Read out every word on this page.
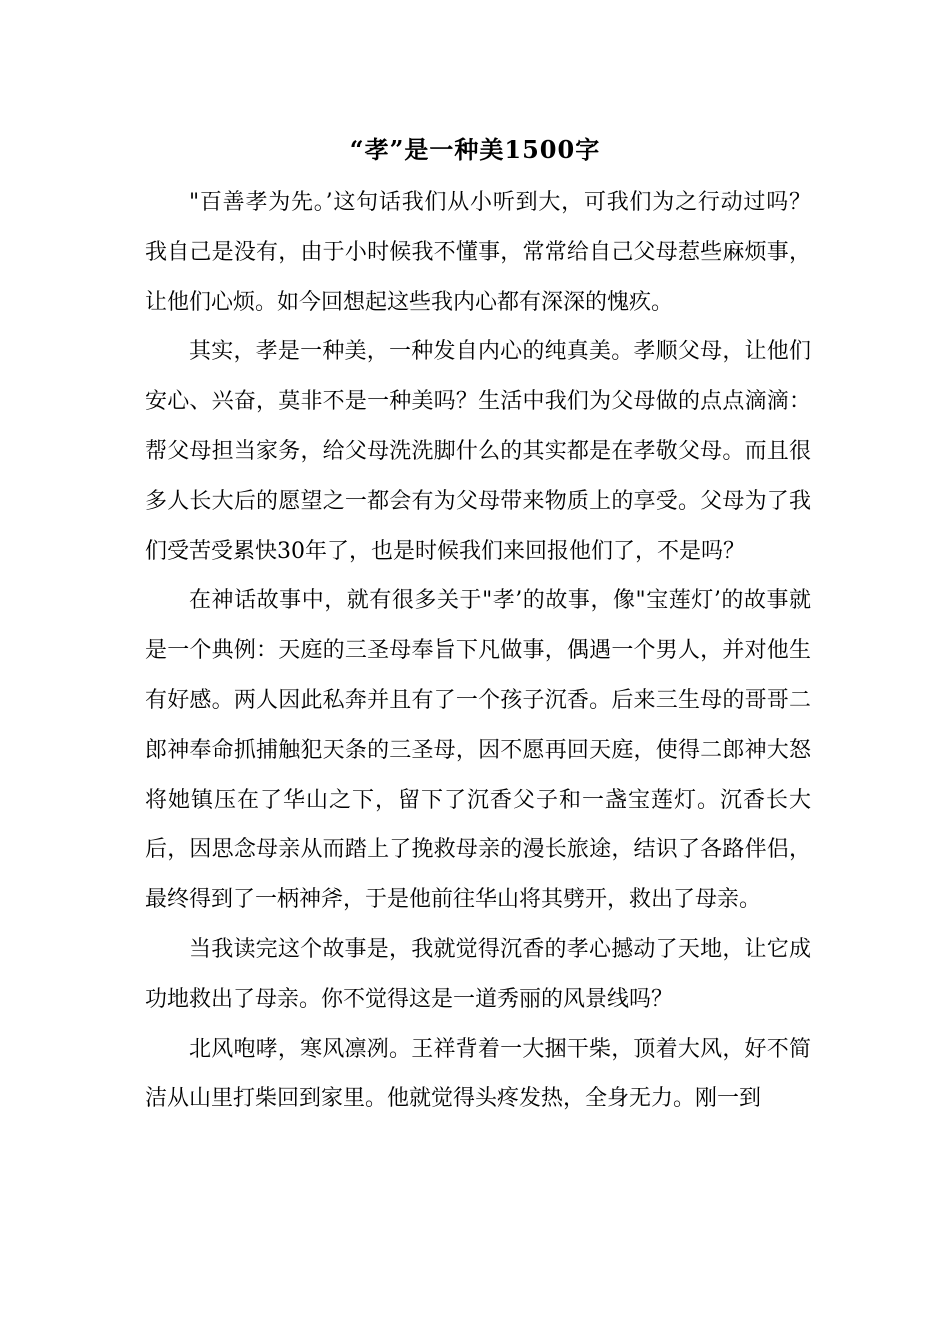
“孝”是一种美1500字

"百善孝为先。’这句话我们从小听到大，可我们为之行动过吗？我自己是没有，由于小时候我不懂事，常常给自己父母惹些麻烦事，让他们心烦。如今回想起这些我内心都有深深的愧疚。

其实，孝是一种美，一种发自内心的纯真美。孝顺父母，让他们安心、兴奋，莫非不是一种美吗？生活中我们为父母做的点点滴滴：帮父母担当家务，给父母洗洗脚什么的其实都是在孝敬父母。而且很多人长大后的愿望之一都会有为父母带来物质上的享受。父母为了我们受苦受累快30年了，也是时候我们来回报他们了，不是吗？

在神话故事中，就有很多关于"孝’的故事，像"宝莲灯’的故事就是一个典例：天庭的三圣母奉旨下凡做事，偶遇一个男人，并对他生有好感。两人因此私奔并且有了一个孩子沉香。后来三生母的哥哥二郎神奉命抓捕触犯天条的三圣母，因不愿再回天庭，使得二郎神大怒将她镇压在了华山之下，留下了沉香父子和一盏宝莲灯。沉香长大后，因思念母亲从而踏上了挽救母亲的漫长旅途，结识了各路伴侣，最终得到了一柄神斧，于是他前往华山将其劈开，救出了母亲。

当我读完这个故事是，我就觉得沉香的孝心撼动了天地，让它成功地救出了母亲。你不觉得这是一道秀丽的风景线吗？

北风咆哮，寒风凛冽。王祥背着一大捆干柴，顶着大风，好不简洁从山里打柴回到家里。他就觉得头疼发热，全身无力。刚一到
